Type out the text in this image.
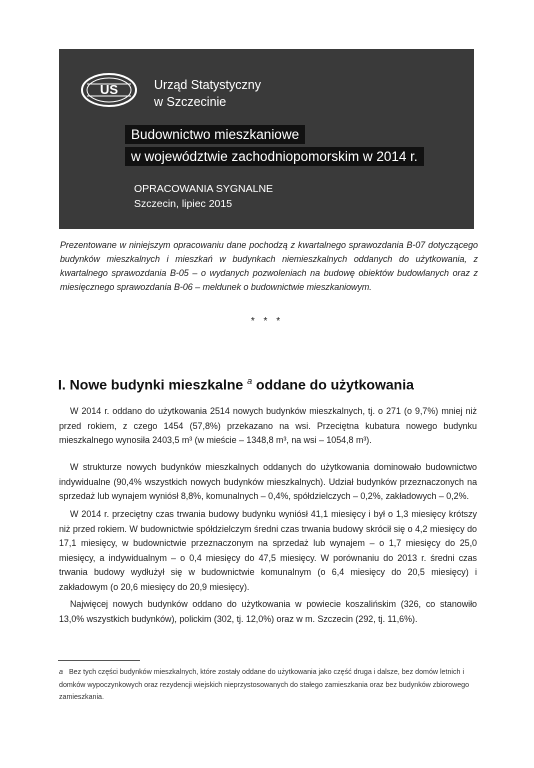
US	Urząd Statystyczny
w Szczecinie
Budownictwo mieszkaniowe
w województwie zachodniopomorskim w 2014 r.
OPRACOWANIA SYGNALNE
Szczecin, lipiec 2015
Prezentowane w niniejszym opracowaniu dane pochodzą z kwartalnego sprawozdania B-07 dotyczącego budynków mieszkalnych i mieszkań w budynkach niemieszkalnych oddanych do użytkowania, z kwartalnego sprawozdania B-05 – o wydanych pozwoleniach na budowę obiektów budowlanych oraz z miesięcznego sprawozdania B-06 – meldunek o budownictwie mieszkaniowym.
* * *
I. Nowe budynki mieszkalne $^a$ oddane do użytkowania
W 2014 r. oddano do użytkowania 2514 nowych budynków mieszkalnych, tj. o 271 (o 9,7%) mniej niż przed rokiem, z czego 1454 (57,8%) przekazano na wsi. Przeciętna kubatura nowego budynku mieszkalnego wynosiła 2403,5 m³ (w mieście – 1348,8 m³, na wsi – 1054,8 m³).
W strukturze nowych budynków mieszkalnych oddanych do użytkowania dominowało budownictwo indywidualne (90,4% wszystkich nowych budynków mieszkalnych). Udział budynków przeznaczonych na sprzedaż lub wynajem wyniósł 8,8%, komunalnych – 0,4%, spółdzielczych – 0,2%, zakładowych – 0,2%.
W 2014 r. przeciętny czas trwania budowy budynku wyniósł 41,1 miesięcy i był o 1,3 miesięcy krótszy niż przed rokiem. W budownictwie spółdzielczym średni czas trwania budowy skrócił się o 4,2 miesięcy do 17,1 miesięcy, w budownictwie przeznaczonym na sprzedaż lub wynajem – o 1,7 miesięcy do 25,0 miesięcy, a indywidualnym – o 0,4 miesięcy do 47,5 miesięcy. W porównaniu do 2013 r. średni czas trwania budowy wydłużył się w budownictwie komunalnym (o 6,4 miesięcy do 20,5 miesięcy) i zakładowym (o 20,6 miesięcy do 20,9 miesięcy).
Najwięcej nowych budynków oddano do użytkowania w powiecie koszalińskim (326, co stanowiło 13,0% wszystkich budynków), polickim (302, tj. 12,0%) oraz w m. Szczecin (292, tj. 11,6%).
a Bez tych części budynków mieszkalnych, które zostały oddane do użytkowania jako część druga i dalsze, bez domów letnich i domków wypoczynkowych oraz rezydencji wiejskich nieprzystosowanych do stałego zamieszkania oraz bez budynków zbiorowego zamieszkania.
